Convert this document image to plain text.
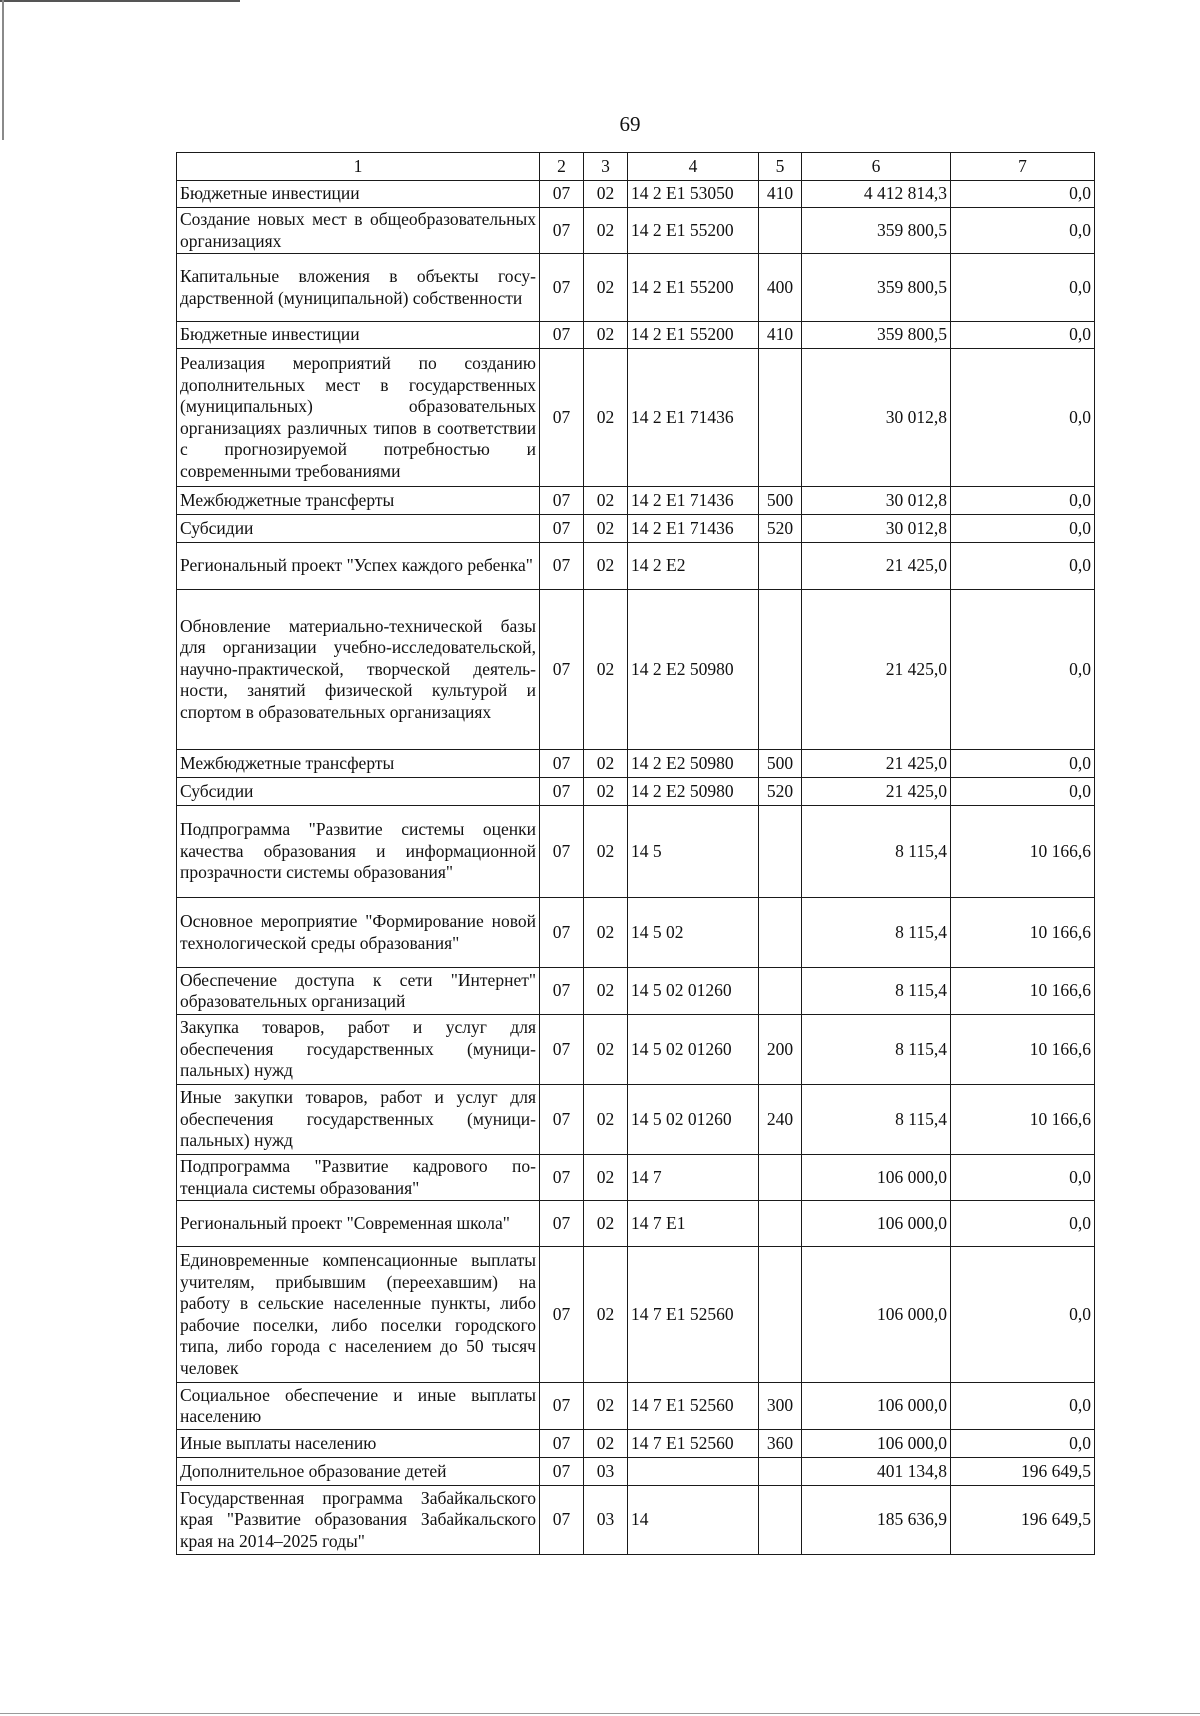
69
1	2	3	4	5	6	7
Бюджетные инвестиции	07	02	14 2 E1 53050	410	4 412 814,3	0,0
Создание новых мест в общеобразовательных организациях	07	02	14 2 E1 55200		359 800,5	0,0
Капитальные вложения в объекты государственной (муниципальной) собственности	07	02	14 2 E1 55200	400	359 800,5	0,0
Бюджетные инвестиции	07	02	14 2 E1 55200	410	359 800,5	0,0
Реализация мероприятий по созданию дополнительных мест в государственных (муниципальных) образовательных организациях различных типов в соответствии с прогнозируемой потребностью и современными требованиями	07	02	14 2 E1 71436		30 012,8	0,0
Межбюджетные трансферты	07	02	14 2 E1 71436	500	30 012,8	0,0
Субсидии	07	02	14 2 E1 71436	520	30 012,8	0,0
Региональный проект "Успех каждого ребенка"	07	02	14 2 E2		21 425,0	0,0
Обновление материально-технической базы для организации учебно-исследовательской, научно-практической, творческой деятельности, занятий физической культурой и спортом в образовательных организациях	07	02	14 2 E2 50980		21 425,0	0,0
Межбюджетные трансферты	07	02	14 2 E2 50980	500	21 425,0	0,0
Субсидии	07	02	14 2 E2 50980	520	21 425,0	0,0
Подпрограмма "Развитие системы оценки качества образования и информационной прозрачности системы образования"	07	02	14 5		8 115,4	10 166,6
Основное мероприятие "Формирование новой технологической среды образования"	07	02	14 5 02		8 115,4	10 166,6
Обеспечение доступа к сети "Интернет" образовательных организаций	07	02	14 5 02 01260		8 115,4	10 166,6
Закупка товаров, работ и услуг для обеспечения государственных (муниципальных) нужд	07	02	14 5 02 01260	200	8 115,4	10 166,6
Иные закупки товаров, работ и услуг для обеспечения государственных (муниципальных) нужд	07	02	14 5 02 01260	240	8 115,4	10 166,6
Подпрограмма "Развитие кадрового потенциала системы образования"	07	02	14 7		106 000,0	0,0
Региональный проект "Современная школа"	07	02	14 7 E1		106 000,0	0,0
Единовременные компенсационные выплаты учителям, прибывшим (переехавшим) на работу в сельские населенные пункты, либо рабочие поселки, либо поселки городского типа, либо города с населением до 50 тысяч человек	07	02	14 7 E1 52560		106 000,0	0,0
Социальное обеспечение и иные выплаты населению	07	02	14 7 E1 52560	300	106 000,0	0,0
Иные выплаты населению	07	02	14 7 E1 52560	360	106 000,0	0,0
Дополнительное образование детей	07	03			401 134,8	196 649,5
Государственная программа Забайкальского края "Развитие образования Забайкальского края на 2014–2025 годы"	07	03	14		185 636,9	196 649,5
